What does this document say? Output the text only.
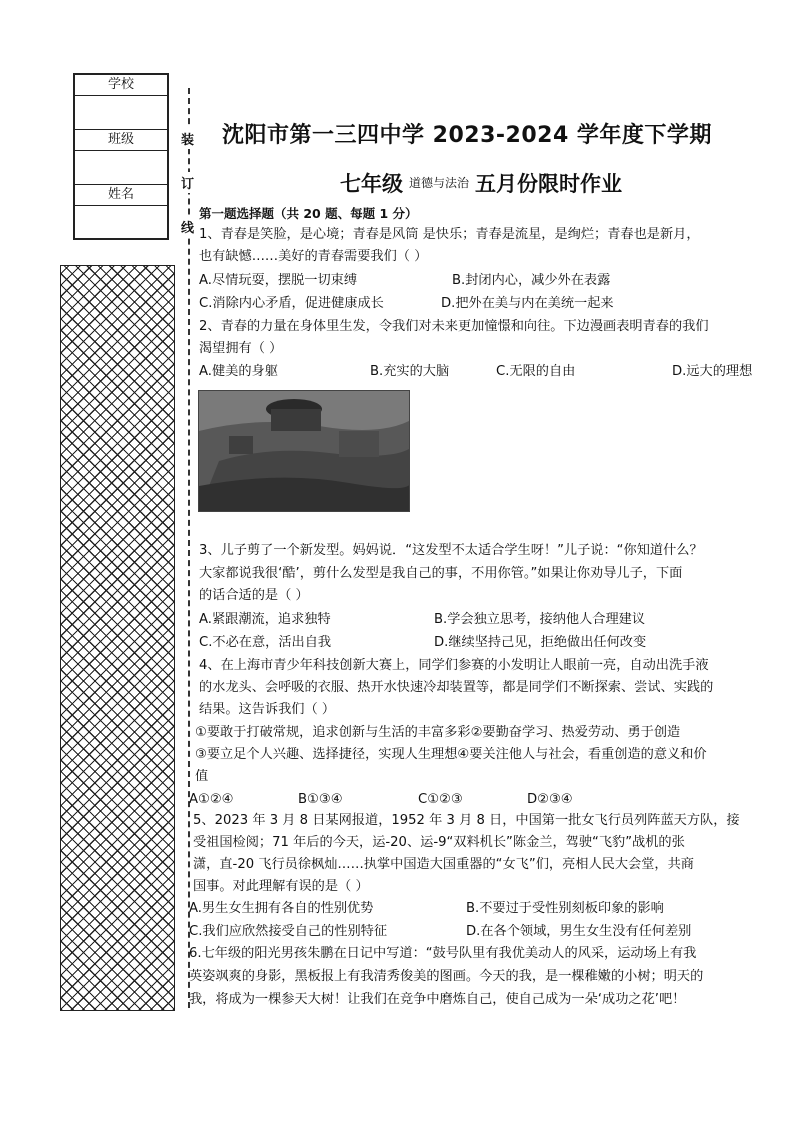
学校
班级
姓名
装
订
线
沈阳市第一三四中学 2023-2024 学年度下学期
七年级 $^{道德与法治}$ 五月份限时作业
第一题选择题（共 20 题、每题 1 分）
1、青春是笑脸，是心境；青春是风筒 是快乐；青春是流星，是绚烂；青春也是新月，
也有缺憾……美好的青春需要我们（ ）
A.尽情玩耍，摆脱一切束缚	B.封闭内心，减少外在表露
C.消除内心矛盾，促进健康成长	D.把外在美与内在美统一起来
2、青春的力量在身体里生发，令我们对未来更加憧憬和向往。下边漫画表明青春的我们
渴望拥有（ ）
A.健美的身躯	B.充实的大脑	C.无限的自由	D.远大的理想
3、儿子剪了一个新发型。妈妈说．“这发型不太适合学生呀！”儿子说：“你知道什么？
大家都说我很‘酷’，剪什么发型是我自己的事，不用你管。”如果让你劝导儿子，下面
的话合适的是（ ）
A.紧跟潮流，追求独特	B.学会独立思考，接纳他人合理建议
C.不必在意，活出自我	D.继续坚持己见，拒绝做出任何改变
4、在上海市青少年科技创新大赛上，同学们参赛的小发明让人眼前一亮，自动出洗手液
的水龙头、会呼吸的衣服、热开水快速冷却装置等，都是同学们不断探索、尝试、实践的
结果。这告诉我们（ ）
①要敢于打破常规，追求创新与生活的丰富多彩②要勤奋学习、热爱劳动、勇于创造
③要立足个人兴趣、选择捷径，实现人生理想④要关注他人与社会，看重创造的意义和价
值
A①②④	B①③④	C①②③	D②③④
5、2023 年 3 月 8 日某网报道，1952 年 3 月 8 日，中国第一批女飞行员列阵蓝天方队，接
受祖国检阅；71 年后的今天，运-20、运-9“双料机长”陈金兰，驾驶“飞豹”战机的张
潇，直-20 飞行员徐枫灿……执掌中国造大国重器的“女飞”们，亮相人民大会堂，共商
国事。对此理解有误的是（ ）
A.男生女生拥有各自的性别优势	B.不要过于受性别刻板印象的影响
C.我们应欣然接受自己的性别特征	D.在各个领域，男生女生没有任何差别
6.七年级的阳光男孩朱鹏在日记中写道：“鼓号队里有我优美动人的风采，运动场上有我
英姿飒爽的身影，黑板报上有我清秀俊美的图画。今天的我，是一棵稚嫩的小树；明天的
我，将成为一棵参天大树！让我们在竞争中磨炼自己，使自己成为一朵‘成功之花’吧！
